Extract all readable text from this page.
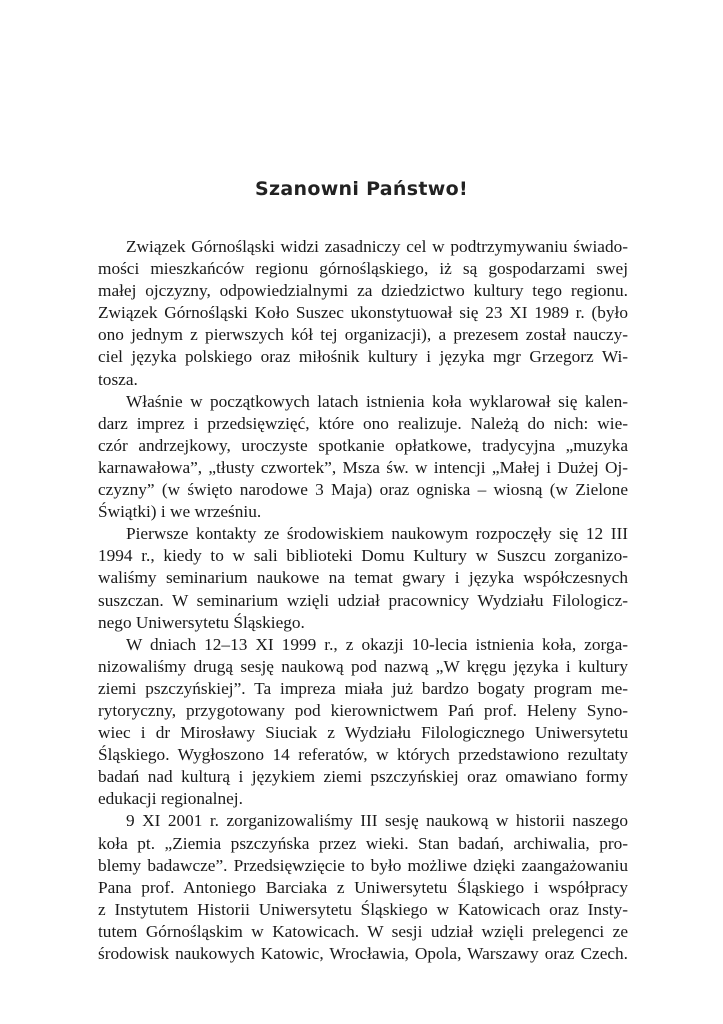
Szanowni Państwo!
Związek Górnośląski widzi zasadniczy cel w podtrzymywaniu świado-
mości mieszkańców regionu górnośląskiego, iż są gospodarzami swej
małej ojczyzny, odpowiedzialnymi za dziedzictwo kultury tego regionu.
Związek Górnośląski Koło Suszec ukonstytuował się 23 XI 1989 r. (było
ono jednym z pierwszych kół tej organizacji), a prezesem został nauczy-
ciel języka polskiego oraz miłośnik kultury i języka mgr Grzegorz Wi-
tosza.
Właśnie w początkowych latach istnienia koła wyklarował się kalen-
darz imprez i przedsięwzięć, które ono realizuje. Należą do nich: wie-
czór andrzejkowy, uroczyste spotkanie opłatkowe, tradycyjna „muzyka
karnawałowa”, „tłusty czwortek”, Msza św. w intencji „Małej i Dużej Oj-
czyzny” (w święto narodowe 3 Maja) oraz ogniska – wiosną (w Zielone
Świątki) i we wrześniu.
Pierwsze kontakty ze środowiskiem naukowym rozpoczęły się 12 III
1994 r., kiedy to w sali biblioteki Domu Kultury w Suszcu zorganizo-
waliśmy seminarium naukowe na temat gwary i języka współczesnych
suszczan. W seminarium wzięli udział pracownicy Wydziału Filologicz-
nego Uniwersytetu Śląskiego.
W dniach 12–13 XI 1999 r., z okazji 10-lecia istnienia koła, zorga-
nizowaliśmy drugą sesję naukową pod nazwą „W kręgu języka i kultury
ziemi pszczyńskiej”. Ta impreza miała już bardzo bogaty program me-
rytoryczny, przygotowany pod kierownictwem Pań prof. Heleny Syno-
wiec i dr Mirosławy Siuciak z Wydziału Filologicznego Uniwersytetu
Śląskiego. Wygłoszono 14 referatów, w których przedstawiono rezultaty
badań nad kulturą i językiem ziemi pszczyńskiej oraz omawiano formy
edukacji regionalnej.
9 XI 2001 r. zorganizowaliśmy III sesję naukową w historii naszego
koła pt. „Ziemia pszczyńska przez wieki. Stan badań, archiwalia, pro-
blemy badawcze”. Przedsięwzięcie to było możliwe dzięki zaangażowaniu
Pana prof. Antoniego Barciaka z Uniwersytetu Śląskiego i współpracy
z Instytutem Historii Uniwersytetu Śląskiego w Katowicach oraz Insty-
tutem Górnośląskim w Katowicach. W sesji udział wzięli prelegenci ze
środowisk naukowych Katowic, Wrocławia, Opola, Warszawy oraz Czech.
